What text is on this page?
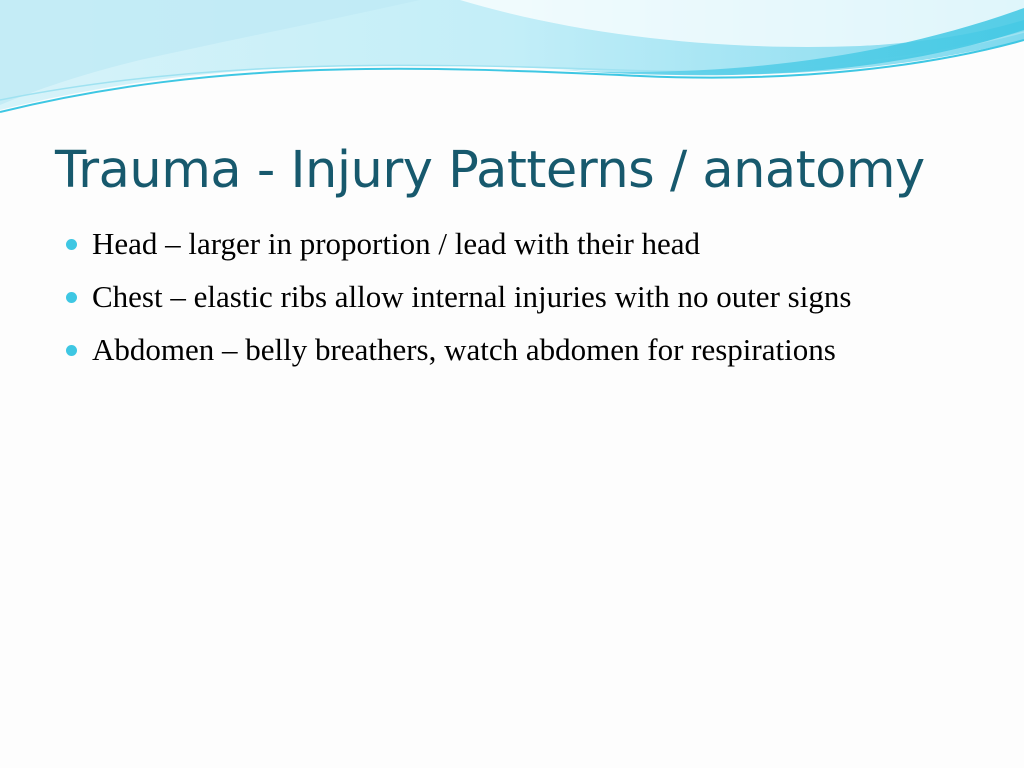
Trauma - Injury Patterns / anatomy
Head – larger in proportion / lead with their head
Chest – elastic ribs allow internal injuries with no outer signs
Abdomen – belly breathers, watch abdomen for respirations
